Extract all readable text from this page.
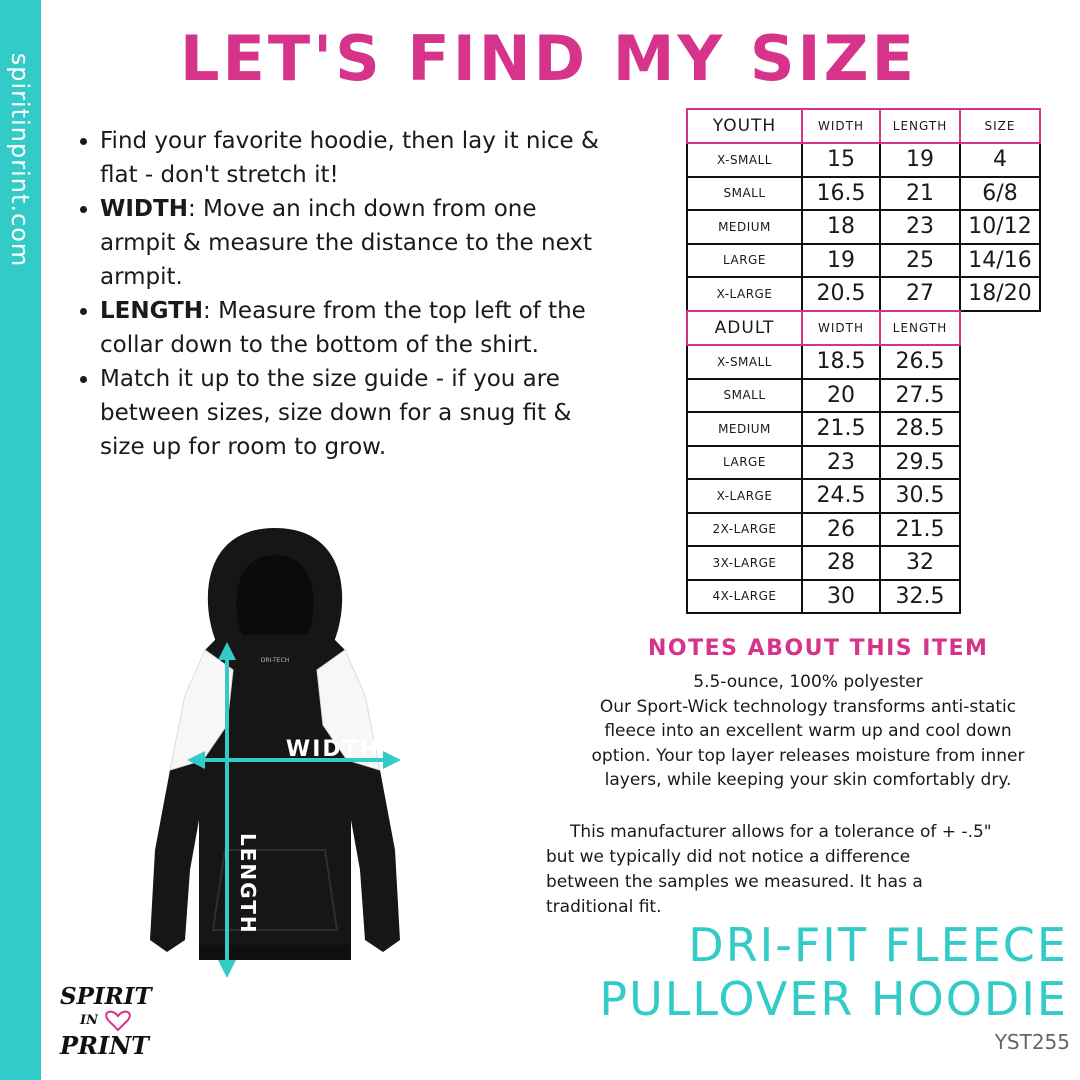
spiritinprint.com LET'S FIND MY SIZE
• Find your favorite hoodie, then lay it nice & flat - don't stretch it!
• WIDTH: Move an inch down from one armpit & measure the distance to the next armpit.
• LENGTH: Measure from the top left of the collar down to the bottom of the shirt.
• Match it up to the size guide - if you are between sizes, size down for a snug fit & size up for room to grow.
YOUTH	WIDTH	LENGTH	SIZE
X-SMALL	15	19	4
SMALL	16.5	21	6/8
MEDIUM	18	23	10/12
LARGE	19	25	14/16
X-LARGE	20.5	27	18/20
ADULT	WIDTH	LENGTH
X-SMALL	18.5	26.5
SMALL	20	27.5
MEDIUM	21.5	28.5
LARGE	23	29.5
X-LARGE	24.5	30.5
2X-LARGE	26	21.5
3X-LARGE	28	32
4X-LARGE	30	32.5
DRI-TECH
WIDTH
LENGTH
NOTES ABOUT THIS ITEM
5.5-ounce, 100% polyester
Our Sport-Wick technology transforms anti-static
fleece into an excellent warm up and cool down
option. Your top layer releases moisture from inner
layers, while keeping your skin comfortably dry.
This manufacturer allows for a tolerance of + -.5"
but we typically did not notice a difference
between the samples we measured. It has a
traditional fit.
DRI-FIT FLEECE
PULLOVER HOODIE
YST255
SPIRIT
IN
PRINT
